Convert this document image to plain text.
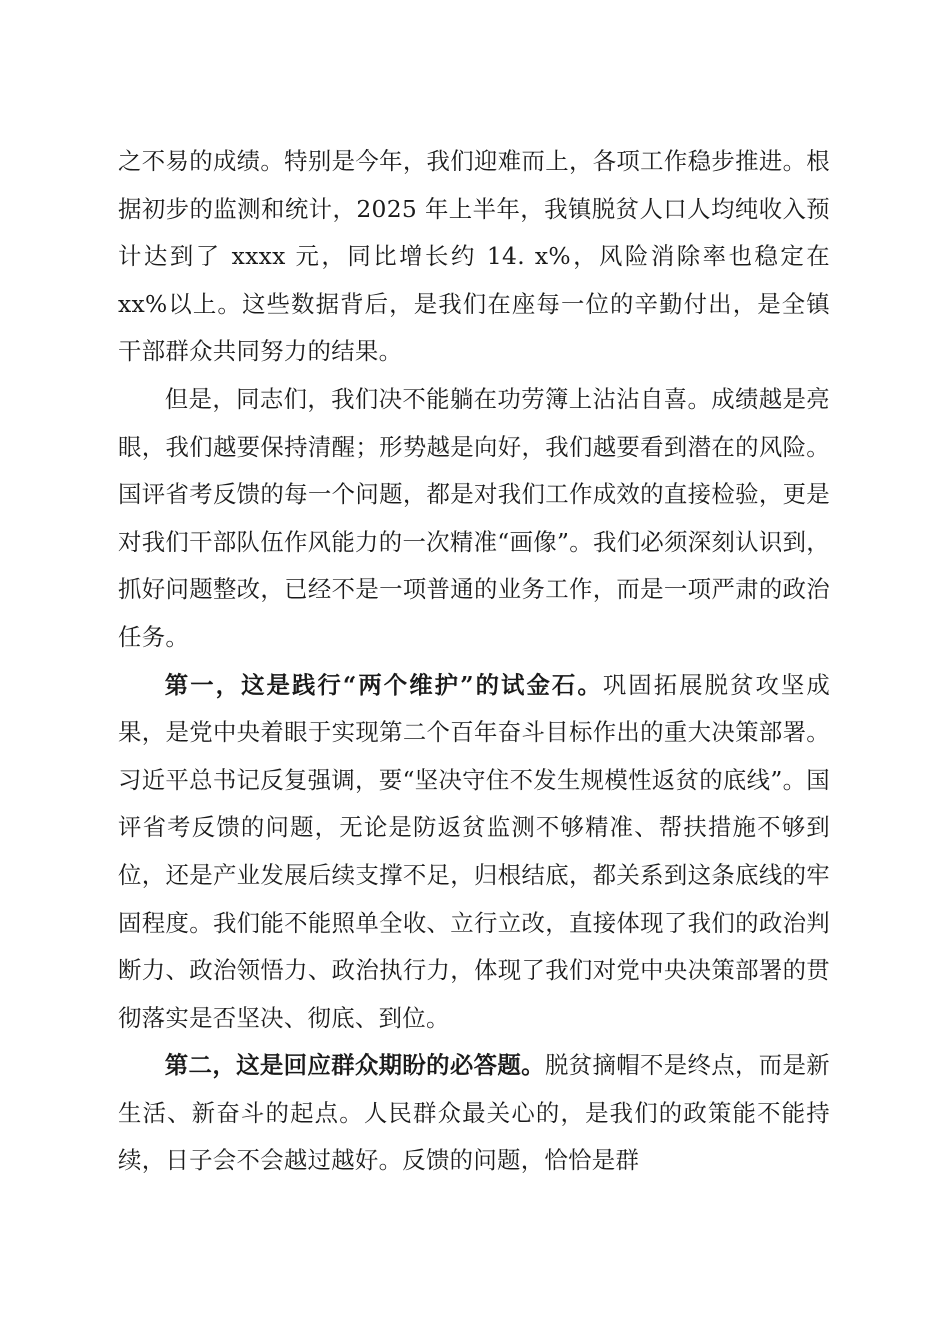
之不易的成绩。特别是今年，我们迎难而上，各项工作稳步推进。根据初步的监测和统计，2025 年上半年，我镇脱贫人口人均纯收入预计达到了 xxxx 元，同比增长约 14. x%，风险消除率也稳定在 xx%以上。这些数据背后，是我们在座每一位的辛勤付出，是全镇干部群众共同努力的结果。

但是，同志们，我们决不能躺在功劳簿上沾沾自喜。成绩越是亮眼，我们越要保持清醒；形势越是向好，我们越要看到潜在的风险。国评省考反馈的每一个问题，都是对我们工作成效的直接检验，更是对我们干部队伍作风能力的一次精准“画像”。我们必须深刻认识到，抓好问题整改，已经不是一项普通的业务工作，而是一项严肃的政治任务。

第一，这是践行“两个维护”的试金石。巩固拓展脱贫攻坚成果，是党中央着眼于实现第二个百年奋斗目标作出的重大决策部署。习近平总书记反复强调，要“坚决守住不发生规模性返贫的底线”。国评省考反馈的问题，无论是防返贫监测不够精准、帮扶措施不够到位，还是产业发展后续支撑不足，归根结底，都关系到这条底线的牢固程度。我们能不能照单全收、立行立改，直接体现了我们的政治判断力、政治领悟力、政治执行力，体现了我们对党中央决策部署的贯彻落实是否坚决、彻底、到位。

第二，这是回应群众期盼的必答题。脱贫摘帽不是终点，而是新生活、新奋斗的起点。人民群众最关心的，是我们的政策能不能持续，日子会不会越过越好。反馈的问题，恰恰是群
